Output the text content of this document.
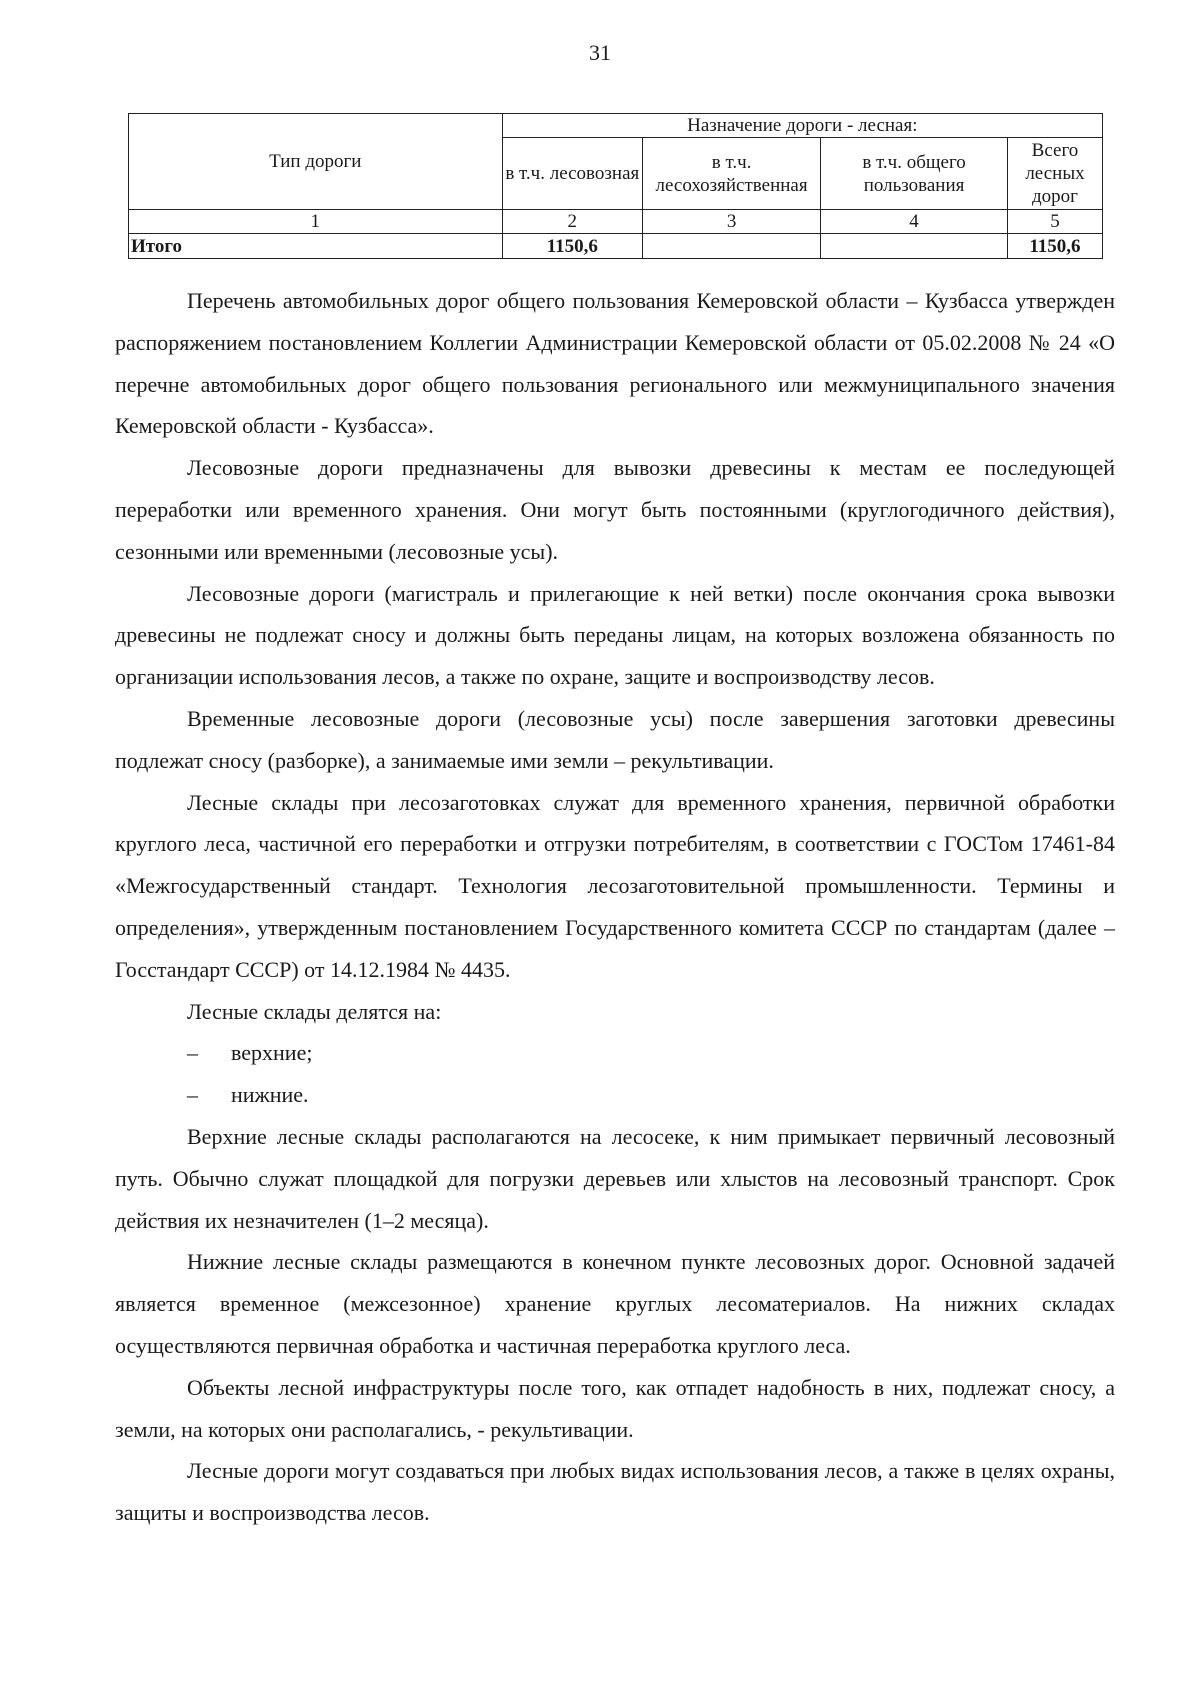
31
Тип дороги	Назначение дороги - лесная:			
	в т.ч. лесовозная	в т.ч. лесохозяйственная	в т.ч. общего пользования	Всего лесных дорог
1	2	3	4	5
Итого	1150,6			1150,6

Перечень автомобильных дорог общего пользования Кемеровской области – Кузбасса утвержден распоряжением постановлением Коллегии Администрации Кемеровской области от 05.02.2008 № 24 «О перечне автомобильных дорог общего пользования регионального или межмуниципального значения Кемеровской области - Кузбасса».

Лесовозные дороги предназначены для вывозки древесины к местам ее последующей переработки или временного хранения. Они могут быть постоянными (круглогодичного действия), сезонными или временными (лесовозные усы).

Лесовозные дороги (магистраль и прилегающие к ней ветки) после окончания срока вывозки древесины не подлежат сносу и должны быть переданы лицам, на которых возложена обязанность по организации использования лесов, а также по охране, защите и воспроизводству лесов.

Временные лесовозные дороги (лесовозные усы) после завершения заготовки древесины подлежат сносу (разборке), а занимаемые ими земли – рекультивации.

Лесные склады при лесозаготовках служат для временного хранения, первичной обработки круглого леса, частичной его переработки и отгрузки потребителям, в соответствии с ГОСТом 17461-84 «Межгосударственный стандарт. Технология лесозаготовительной промышленности. Термины и определения», утвержденным постановлением Государственного комитета СССР по стандартам (далее – Госстандарт СССР) от 14.12.1984 № 4435.

Лесные склады делятся на:

– верхние;

– нижние.

Верхние лесные склады располагаются на лесосеке, к ним примыкает первичный лесовозный путь. Обычно служат площадкой для погрузки деревьев или хлыстов на лесовозный транспорт. Срок действия их незначителен (1–2 месяца).

Нижние лесные склады размещаются в конечном пункте лесовозных дорог. Основной задачей является временное (межсезонное) хранение круглых лесоматериалов. На нижних складах осуществляются первичная обработка и частичная переработка круглого леса.

Объекты лесной инфраструктуры после того, как отпадет надобность в них, подлежат сносу, а земли, на которых они располагались, - рекультивации.

Лесные дороги могут создаваться при любых видах использования лесов, а также в целях охраны, защиты и воспроизводства лесов.
